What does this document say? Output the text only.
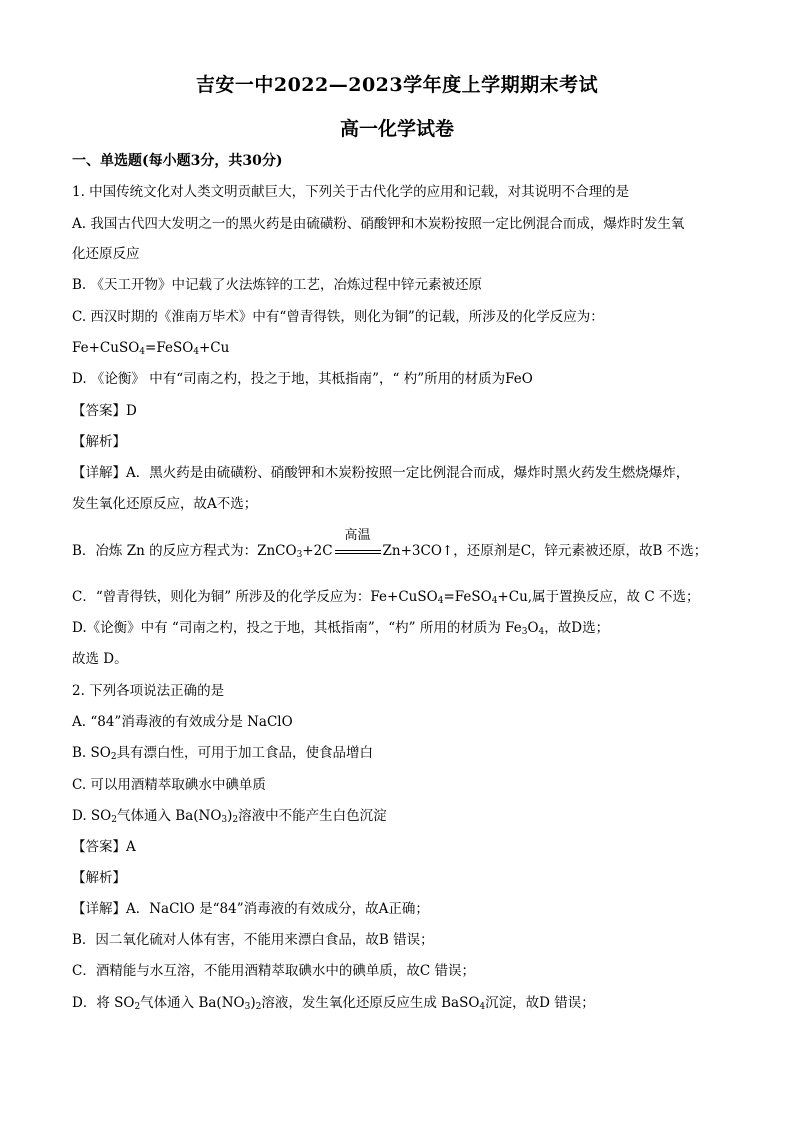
吉安一中2022—2023学年度上学期期末考试
高一化学试卷
一、单选题(每小题3分，共30分)
1. 中国传统文化对人类文明贡献巨大，下列关于古代化学的应用和记载，对其说明不合理的是
A. 我国古代四大发明之一的黑火药是由硫磺粉、硝酸钾和木炭粉按照一定比例混合而成，爆炸时发生氧
化还原反应
B. 《天工开物》中记载了火法炼锌的工艺，冶炼过程中锌元素被还原
C. 西汉时期的《淮南万毕术》中有“曾青得铁，则化为铜”的记载，所涉及的化学反应为：
Fe+CuSO$_4$=FeSO$_4$+Cu
D. 《论衡》 中有“司南之杓，投之于地，其柢指南”，“ 杓”所用的材质为FeO
【答案】D
【解析】
【详解】A．黑火药是由硫磺粉、硝酸钾和木炭粉按照一定比例混合而成，爆炸时黑火药发生燃烧爆炸，
发生氧化还原反应，故A不选；
B．冶炼 Zn 的反应方程式为：ZnCO$_3$+2C
高温
Zn+3CO↑，还原剂是C，锌元素被还原，故B 不选；
C．“曾青得铁，则化为铜” 所涉及的化学反应为：Fe+CuSO$_4$=FeSO$_4$+Cu,属于置换反应，故 C 不选；
D.《论衡》中有 “司南之杓，投之于地，其柢指南”，“杓” 所用的材质为 $Fe_3O_4$，故D选；
故选 D。
2. 下列各项说法正确的是
A. “84”消毒液的有效成分是 NaClO
B. $SO_2$具有漂白性，可用于加工食品，使食品增白
C. 可以用酒精萃取碘水中碘单质
D. $SO_2$气体通入 $Ba(NO_3)_2$溶液中不能产生白色沉淀
【答案】A
【解析】
【详解】A．NaClO 是“84”消毒液的有效成分，故A正确；
B．因二氧化硫对人体有害，不能用来漂白食品，故B 错误；
C．酒精能与水互溶，不能用酒精萃取碘水中的碘单质，故C 错误；
D．将 $SO_2$气体通入 $Ba(NO_3)_2$溶液，发生氧化还原反应生成 BaSO$_4$沉淀，故D 错误；
